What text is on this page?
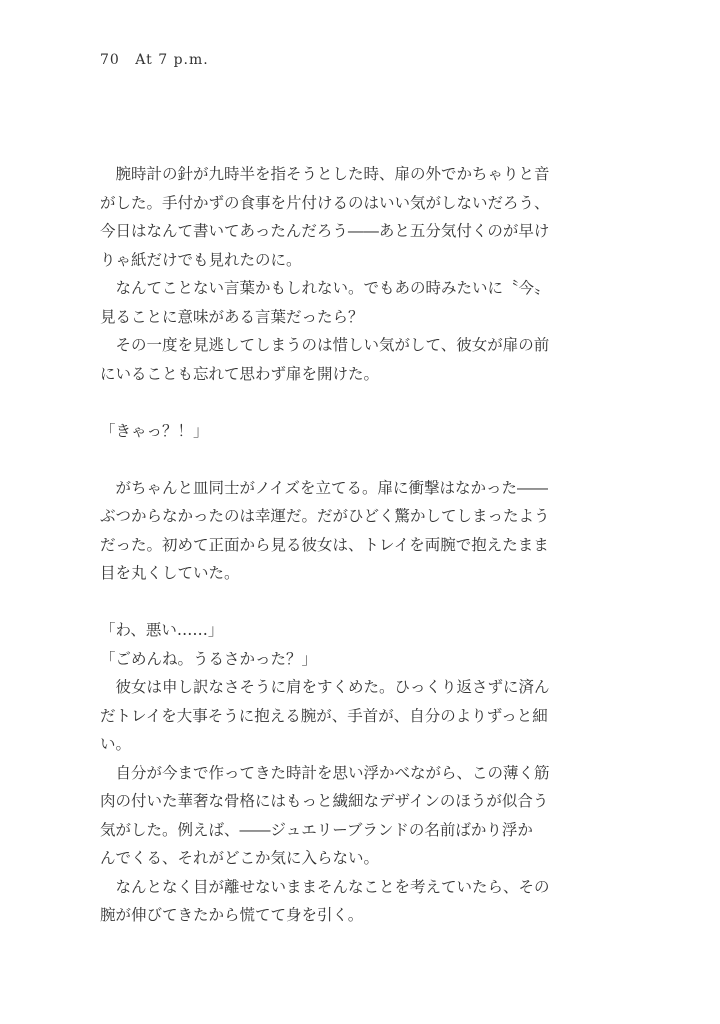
70 At 7 p.m.
　腕時計の針が九時半を指そうとした時、扉の外でかちゃりと音
がした。手付かずの食事を片付けるのはいい気がしないだろう、
今日はなんて書いてあったんだろう――あと五分気付くのが早け
りゃ紙だけでも見れたのに。
　なんてことない言葉かもしれない。でもあの時みたいに〝今〟
見ることに意味がある言葉だったら？
　その一度を見逃してしまうのは惜しい気がして、彼女が扉の前
にいることも忘れて思わず扉を開けた。
「きゃっ？！」
　がちゃんと皿同士がノイズを立てる。扉に衝撃はなかった――
ぶつからなかったのは幸運だ。だがひどく驚かしてしまったよう
だった。初めて正面から見る彼女は、トレイを両腕で抱えたまま
目を丸くしていた。
「わ、悪い……」
「ごめんね。うるさかった？」
　彼女は申し訳なさそうに肩をすくめた。ひっくり返さずに済ん
だトレイを大事そうに抱える腕が、手首が、自分のよりずっと細
い。
　自分が今まで作ってきた時計を思い浮かべながら、この薄く筋
肉の付いた華奢な骨格にはもっと繊細なデザインのほうが似合う
気がした。例えば、――ジュエリーブランドの名前ばかり浮か
んでくる、それがどこか気に入らない。
　なんとなく目が離せないままそんなことを考えていたら、その
腕が伸びてきたから慌てて身を引く。
